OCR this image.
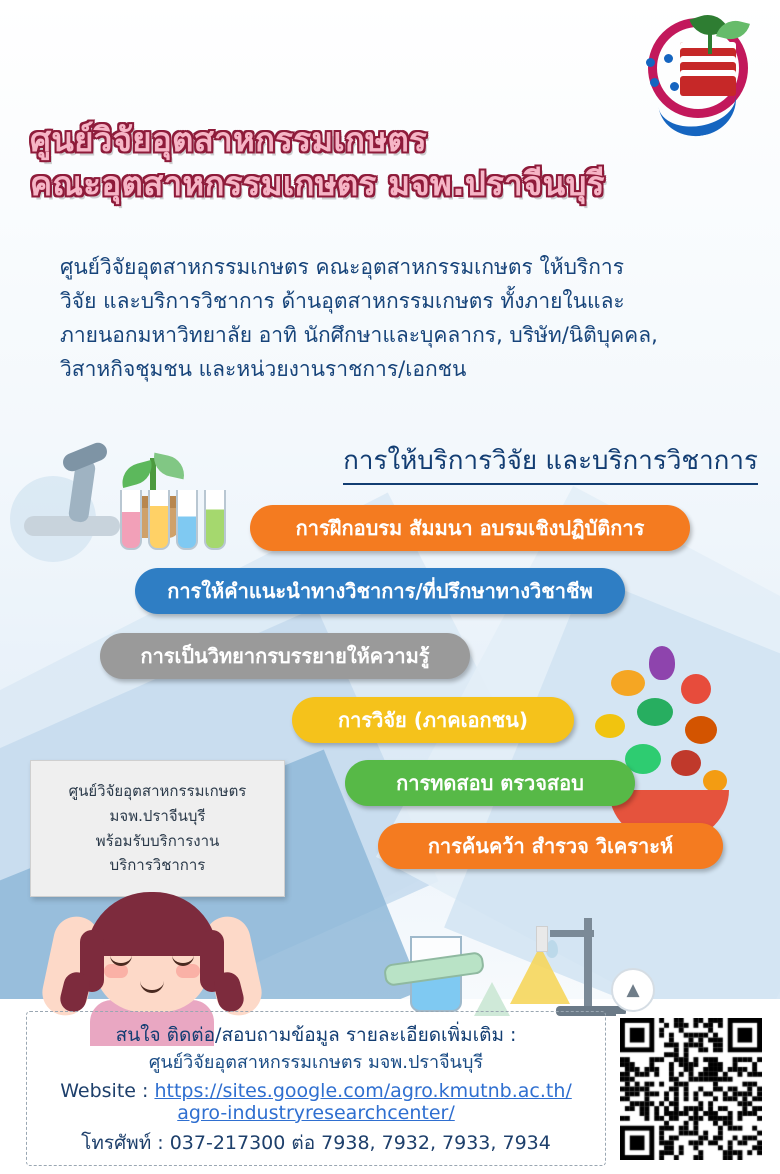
ศูนย์วิจัยอุตสาหกรรมเกษตร
คณะอุตสาหกรรมเกษตร มจพ.ปราจีนบุรี
ศูนย์วิจัยอุตสาหกรรมเกษตร คณะอุตสาหกรรมเกษตร ให้บริการ
วิจัย และบริการวิชาการ ด้านอุตสาหกรรมเกษตร ทั้งภายในและ
ภายนอกมหาวิทยาลัย อาทิ นักศึกษาและบุคลากร, บริษัท/นิติบุคคล,
วิสาหกิจชุมชน และหน่วยงานราชการ/เอกชน
การให้บริการวิจัย และบริการวิชาการ
การฝึกอบรม สัมมนา อบรมเชิงปฏิบัติการ
การให้คำแนะนำทางวิชาการ/ที่ปรึกษาทางวิชาชีพ
การเป็นวิทยากรบรรยายให้ความรู้
การวิจัย (ภาคเอกชน)
การทดสอบ ตรวจสอบ
การค้นคว้า สำรวจ วิเคราะห์
ศูนย์วิจัยอุตสาหกรรมเกษตร
มจพ.ปราจีนบุรี
พร้อมรับบริการงาน
บริการวิชาการ
▲
สนใจ ติดต่อ/สอบถามข้อมูล รายละเอียดเพิ่มเติม :
ศูนย์วิจัยอุตสาหกรรมเกษตร มจพ.ปราจีนบุรี
Website : https://sites.google.com/agro.kmutnb.ac.th/
agro-industryresearchcenter/
โทรศัพท์ : 037-217300 ต่อ 7938, 7932, 7933, 7934
